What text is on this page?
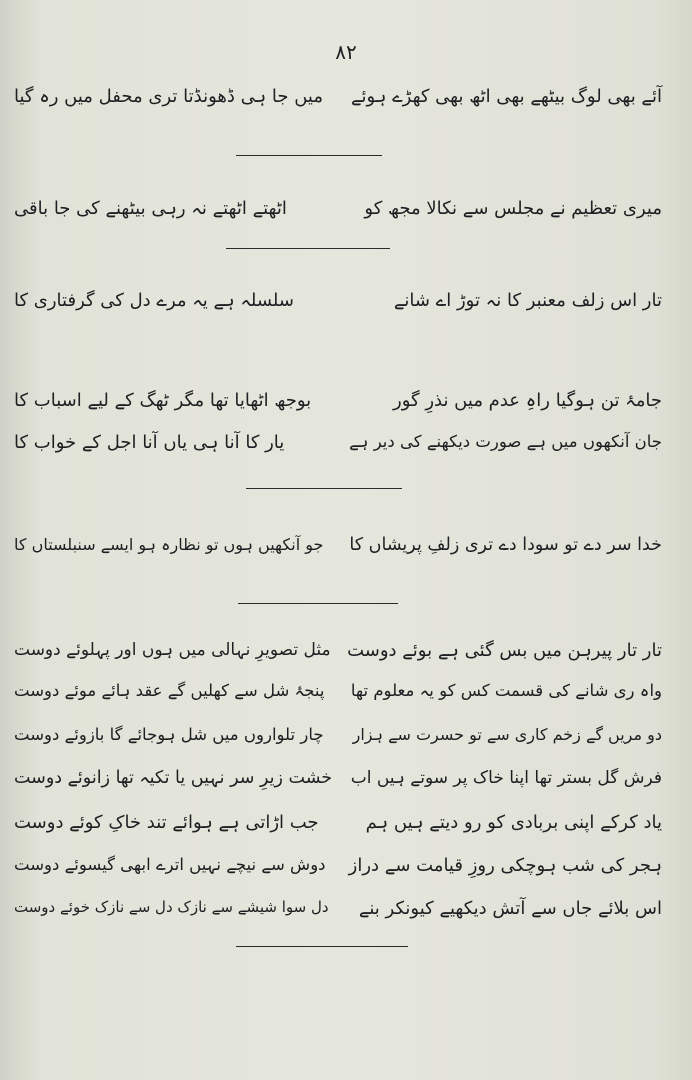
۸۲
آئے بھی لوگ بیٹھے بھی اٹھ بھی کھڑے ہوئے
میں جا ہی ڈھونڈتا تری محفل میں رہ گیا
میری تعظیم نے مجلس سے نکالا مجھ کو
اٹھتے اٹھتے نہ رہی بیٹھنے کی جا باقی
تار اس زلف معنبر کا نہ توڑ اے شانے
سلسلہ ہے یہ مرے دل کی گرفتاری کا
جامۂ تن ہوگیا راہِ عدم میں نذرِ گور
بوجھ اٹھایا تھا مگر ٹھگ کے لیے اسباب کا
جان آنکھوں میں ہے صورت دیکھنے کی دیر ہے
یار کا آنا ہی یاں آنا اجل کے خواب کا
خدا سر دے تو سودا دے تری زلفِ پریشاں کا
جو آنکھیں ہوں تو نظارہ ہو ایسے سنبلستاں کا
تار تار پیرہن میں بس گئی ہے بوئے دوست
مثل تصویرِ نہالی میں ہوں اور پہلوئے دوست
واہ ری شانے کی قسمت کس کو یہ معلوم تھا
پنجۂ شل سے کھلیں گے عقد ہائے موئے دوست
دو مریں گے زخم کاری سے تو حسرت سے ہزار
چار تلواروں میں شل ہوجائے گا بازوئے دوست
فرش گل بستر تھا اپنا خاک پر سوتے ہیں اب
خشت زیرِ سر نہیں یا تکیہ تھا زانوئے دوست
یاد کرکے اپنی بربادی کو رو دیتے ہیں ہم
جب اڑاتی ہے ہوائے تند خاکِ کوئے دوست
ہجر کی شب ہوچکی روزِ قیامت سے دراز
دوش سے نیچے نہیں اترے ابھی گیسوئے دوست
اس بلائے جاں سے آتش دیکھیے کیونکر بنے
دل سوا شیشے سے نازک دل سے نازک خوئے دوست
